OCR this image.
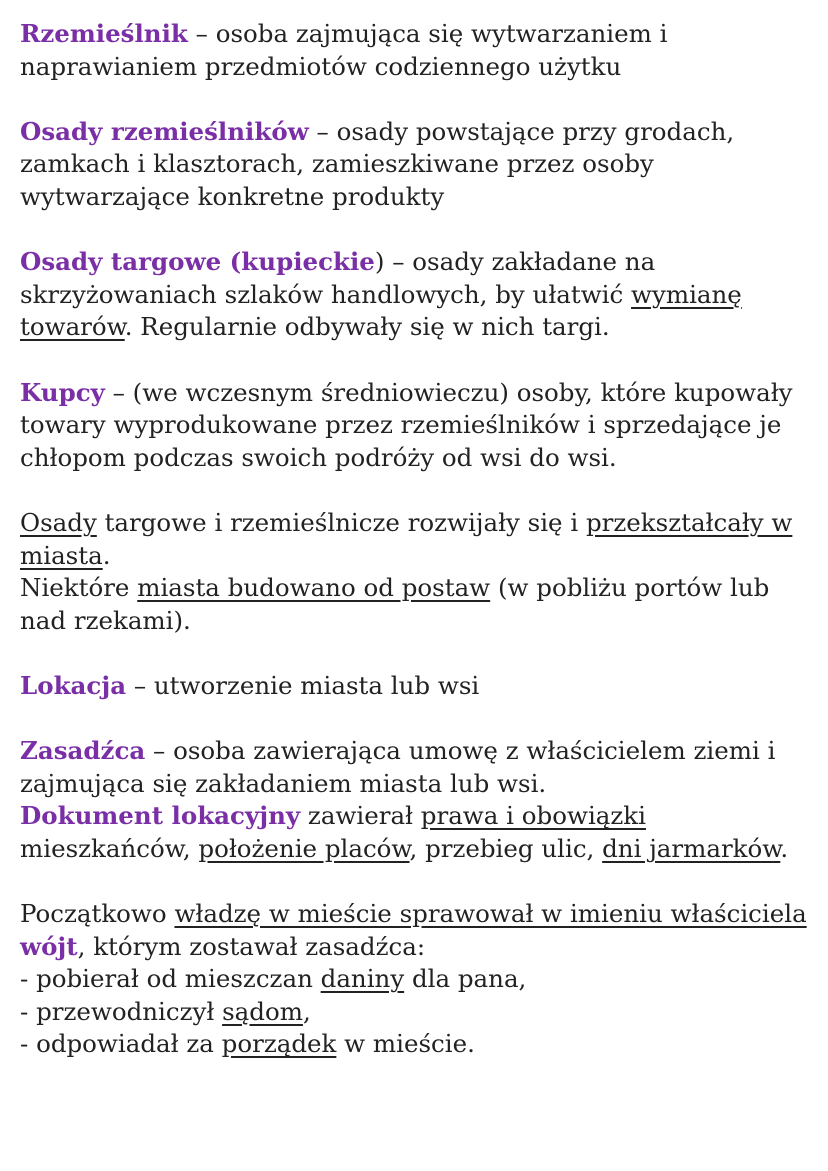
Rzemieślnik – osoba zajmująca się wytwarzaniem i naprawianiem przedmiotów codziennego użytku

Osady rzemieślników – osady powstające przy grodach, zamkach i klasztorach, zamieszkiwane przez osoby wytwarzające konkretne produkty

Osady targowe (kupieckie) – osady zakładane na skrzyżowaniach szlaków handlowych, by ułatwić wymianę towarów. Regularnie odbywały się w nich targi.

Kupcy – (we wczesnym średniowieczu) osoby, które kupowały towary wyprodukowane przez rzemieślników i sprzedające je chłopom podczas swoich podróży od wsi do wsi.

Osady targowe i rzemieślnicze rozwijały się i przekształcały w miasta.
Niektóre miasta budowano od postaw (w pobliżu portów lub nad rzekami).

Lokacja – utworzenie miasta lub wsi

Zasadźca – osoba zawierająca umowę z właścicielem ziemi i zajmująca się zakładaniem miasta lub wsi.
Dokument lokacyjny zawierał prawa i obowiązki mieszkańców, położenie placów, przebieg ulic, dni jarmarków.

Początkowo władzę w mieście sprawował w imieniu właściciela wójt, którym zostawał zasadźca:
- pobierał od mieszczan daniny dla pana,
- przewodniczył sądom,
- odpowiadał za porządek w mieście.
